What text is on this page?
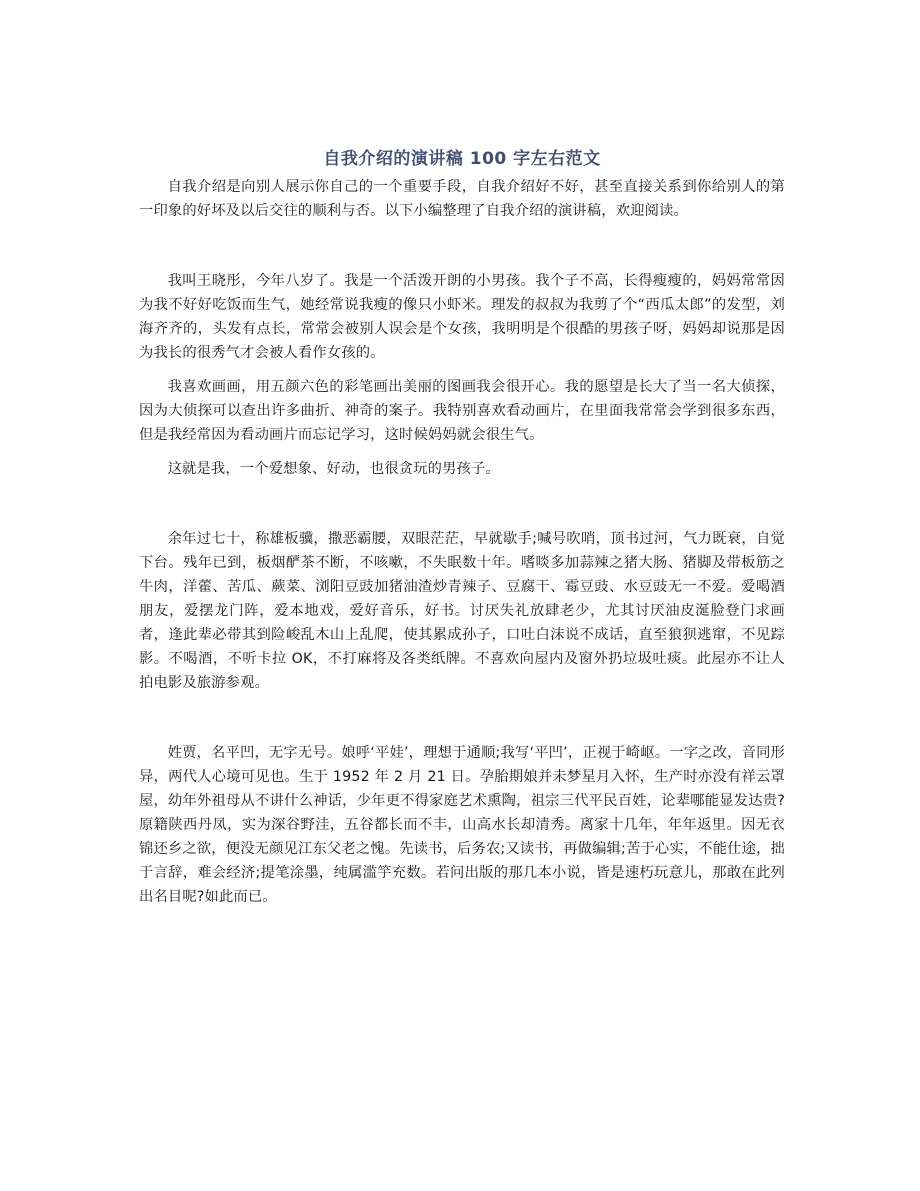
自我介绍的演讲稿 100 字左右范文

自我介绍是向别人展示你自己的一个重要手段，自我介绍好不好，甚至直接关系到你给别人的第一印象的好坏及以后交往的顺利与否。以下小编整理了自我介绍的演讲稿，欢迎阅读。

我叫王晓彤，今年八岁了。我是一个活泼开朗的小男孩。我个子不高，长得瘦瘦的，妈妈常常因为我不好好吃饭而生气，她经常说我瘦的像只小虾米。理发的叔叔为我剪了个“西瓜太郎”的发型，刘海齐齐的，头发有点长，常常会被别人误会是个女孩，我明明是个很酷的男孩子呀，妈妈却说那是因为我长的很秀气才会被人看作女孩的。

我喜欢画画，用五颜六色的彩笔画出美丽的图画我会很开心。我的愿望是长大了当一名大侦探，因为大侦探可以查出许多曲折、神奇的案子。我特别喜欢看动画片，在里面我常常会学到很多东西，但是我经常因为看动画片而忘记学习，这时候妈妈就会很生气。

这就是我，一个爱想象、好动，也很贪玩的男孩子。

余年过七十，称雄板骥，撒恶霸腰，双眼茫茫，早就歇手;喊号吹哨，顶书过河，气力既衰，自觉下台。残年已到，板烟酽茶不断，不咳嗽，不失眠数十年。嗜啖多加蒜辣之猪大肠、猪脚及带板筋之牛肉，洋藿、苦瓜、蕨菜、浏阳豆豉加猪油渣炒青辣子、豆腐干、霉豆豉、水豆豉无一不爱。爱喝酒朋友，爱摆龙门阵，爱本地戏，爱好音乐，好书。讨厌失礼放肆老少，尤其讨厌油皮涎脸登门求画者，逢此辈必带其到险峻乱木山上乱爬，使其累成孙子，口吐白沫说不成话，直至狼狈逃窜，不见踪影。不喝酒，不听卡拉 OK，不打麻将及各类纸牌。不喜欢向屋内及窗外扔垃圾吐痰。此屋亦不让人拍电影及旅游参观。

姓贾，名平凹，无字无号。娘呼‘平娃’，理想于通顺;我写‘平凹’，正视于崎岖。一字之改，音同形异，两代人心境可见也。生于 1952 年 2 月 21 日。孕胎期娘并未梦星月入怀，生产时亦没有祥云罩屋，幼年外祖母从不讲什么神话，少年更不得家庭艺术熏陶，祖宗三代平民百姓，论辈哪能显发达贵?原籍陕西丹凤，实为深谷野洼，五谷都长而不丰，山高水长却清秀。离家十几年，年年返里。因无衣锦还乡之欲，便没无颜见江东父老之愧。先读书，后务农;又读书，再做编辑;苦于心实，不能仕途，拙于言辞，难会经济;提笔涂墨，纯属滥竽充数。若问出版的那几本小说，皆是速朽玩意儿，那敢在此列出名目呢?如此而已。
